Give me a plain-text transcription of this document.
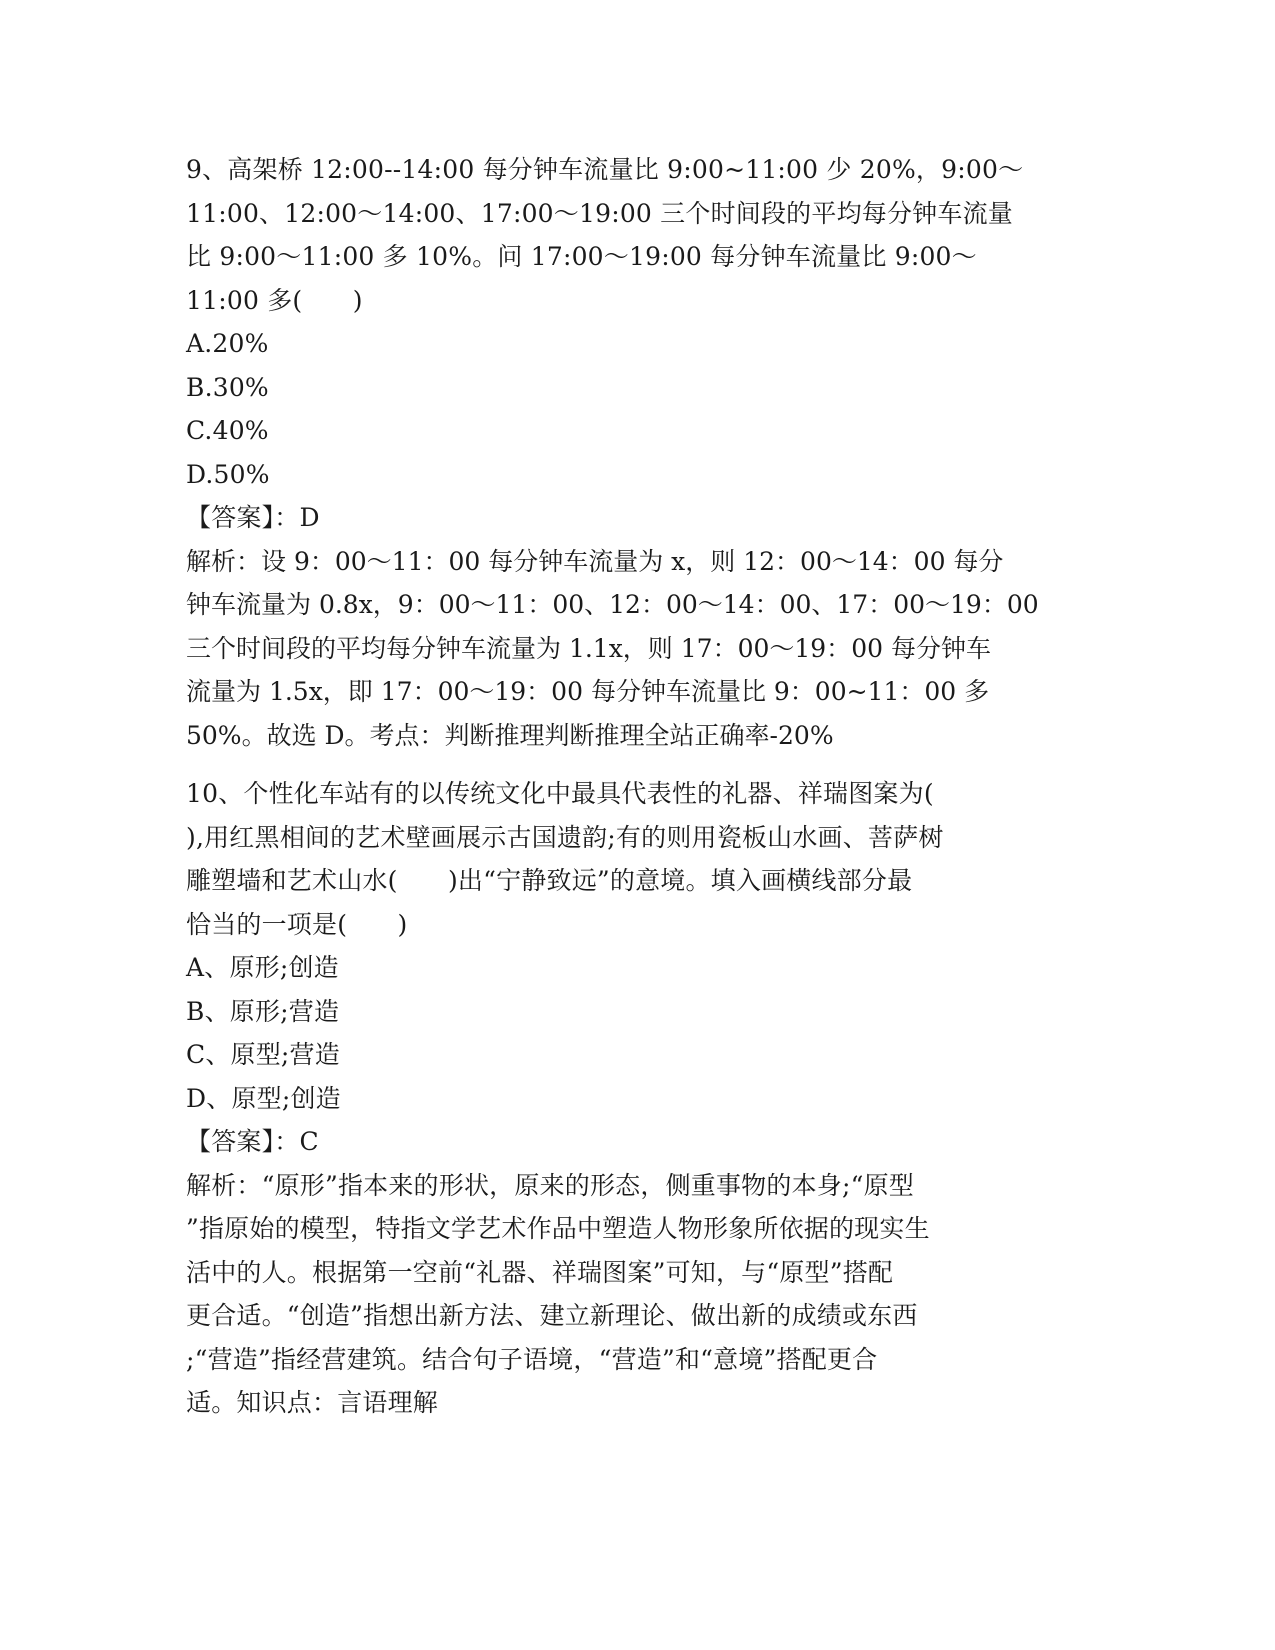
9、高架桥 12:00--14:00 每分钟车流量比 9:00~11:00 少 20%，9:00～
11:00、12:00～14:00、17:00～19:00 三个时间段的平均每分钟车流量
比 9:00～11:00 多 10%。问 17:00～19:00 每分钟车流量比 9:00～
11:00 多(　　)
A.20%
B.30%
C.40%
D.50%
【答案】：D
解析：设 9：00～11：00 每分钟车流量为 x，则 12：00～14：00 每分
钟车流量为 0.8x，9：00～11：00、12：00～14：00、17：00～19：00
三个时间段的平均每分钟车流量为 1.1x，则 17：00～19：00 每分钟车
流量为 1.5x，即 17：00～19：00 每分钟车流量比 9：00~11：00 多
50%。故选 D。考点：判断推理判断推理全站正确率-20%
10、个性化车站有的以传统文化中最具代表性的礼器、祥瑞图案为(
),用红黑相间的艺术壁画展示古国遗韵;有的则用瓷板山水画、菩萨树
雕塑墙和艺术山水(　　)出“宁静致远”的意境。填入画横线部分最
恰当的一项是(　　)
A、原形;创造
B、原形;营造
C、原型;营造
D、原型;创造
【答案】：C
解析：“原形”指本来的形状，原来的形态，侧重事物的本身;“原型
”指原始的模型，特指文学艺术作品中塑造人物形象所依据的现实生
活中的人。根据第一空前“礼器、祥瑞图案”可知，与“原型”搭配
更合适。“创造”指想出新方法、建立新理论、做出新的成绩或东西
;“营造”指经营建筑。结合句子语境，“营造”和“意境”搭配更合
适。知识点：言语理解
